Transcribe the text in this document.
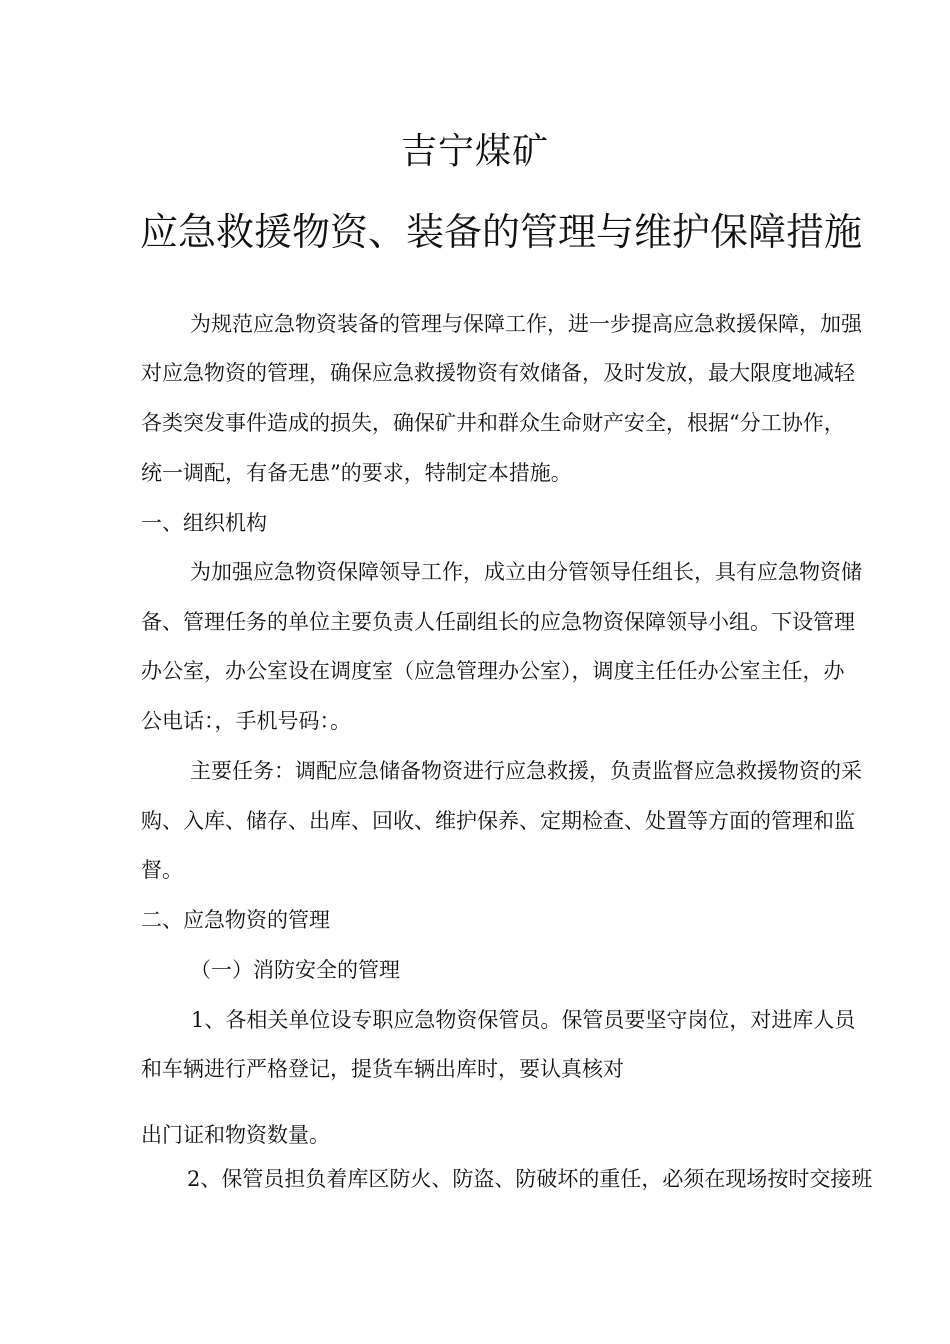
吉宁煤矿
应急救援物资、装备的管理与维护保障措施
为规范应急物资装备的管理与保障工作，进一步提高应急救援保障，加强
对应急物资的管理，确保应急救援物资有效储备，及时发放，最大限度地减轻
各类突发事件造成的损失，确保矿井和群众生命财产安全，根据“分工协作，
统一调配，有备无患”的要求，特制定本措施。
一、组织机构
为加强应急物资保障领导工作，成立由分管领导任组长，具有应急物资储
备、管理任务的单位主要负责人任副组长的应急物资保障领导小组。下设管理
办公室，办公室设在调度室（应急管理办公室），调度主任任办公室主任，办
公电话：，手机号码：。
主要任务：调配应急储备物资进行应急救援，负责监督应急救援物资的采
购、入库、储存、出库、回收、维护保养、定期检查、处置等方面的管理和监
督。
二、应急物资的管理
（一）消防安全的管理
1、各相关单位设专职应急物资保管员。保管员要坚守岗位，对进库人员
和车辆进行严格登记，提货车辆出库时，要认真核对
出门证和物资数量。
2、保管员担负着库区防火、防盗、防破坏的重任，必须在现场按时交接班
